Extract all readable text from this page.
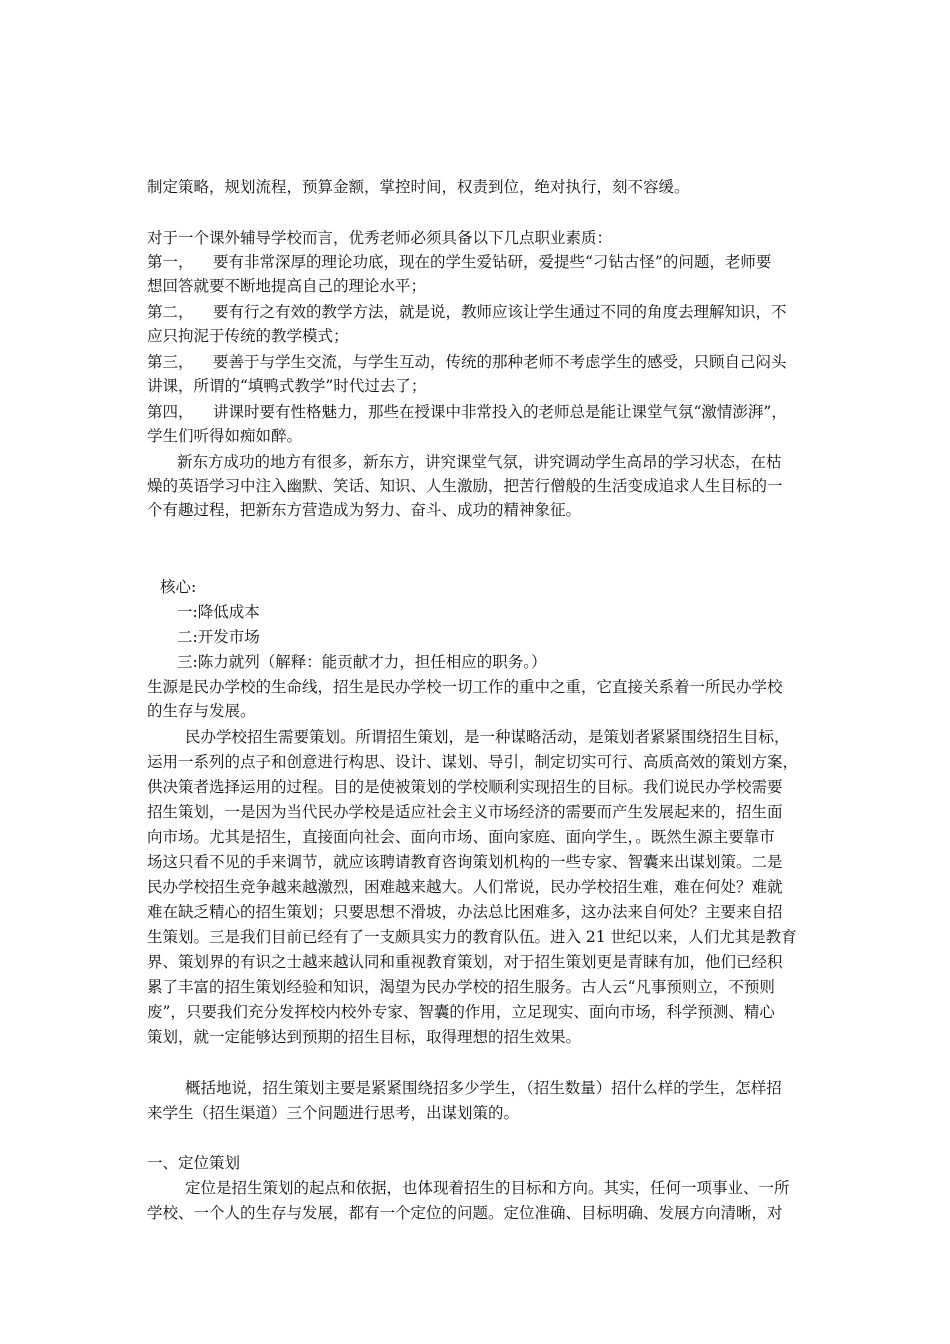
制定策略，规划流程，预算金额，掌控时间，权责到位，绝对执行，刻不容缓。
对于一个课外辅导学校而言，优秀老师必须具备以下几点职业素质：
第一， 要有非常深厚的理论功底，现在的学生爱钻研，爱提些“刁钻古怪”的问题，老师要
想回答就要不断地提高自己的理论水平；
第二， 要有行之有效的教学方法，就是说，教师应该让学生通过不同的角度去理解知识，不
应只拘泥于传统的教学模式；
第三， 要善于与学生交流，与学生互动，传统的那种老师不考虑学生的感受，只顾自己闷头
讲课，所谓的“填鸭式教学”时代过去了；
第四， 讲课时要有性格魅力，那些在授课中非常投入的老师总是能让课堂气氛“激情澎湃”，
学生们听得如痴如醉。
新东方成功的地方有很多，新东方，讲究课堂气氛，讲究调动学生高昂的学习状态，在枯
燥的英语学习中注入幽默、笑话、知识、人生激励，把苦行僧般的生活变成追求人生目标的一
个有趣过程，把新东方营造成为努力、奋斗、成功的精神象征。
核心:
一:降低成本
二:开发市场
三:陈力就列（解释：能贡献才力，担任相应的职务。）
生源是民办学校的生命线，招生是民办学校一切工作的重中之重，它直接关系着一所民办学校
的生存与发展。
民办学校招生需要策划。所谓招生策划，是一种谋略活动，是策划者紧紧围绕招生目标，
运用一系列的点子和创意进行构思、设计、谋划、导引，制定切实可行、高质高效的策划方案，
供决策者选择运用的过程。目的是使被策划的学校顺利实现招生的目标。我们说民办学校需要
招生策划，一是因为当代民办学校是适应社会主义市场经济的需要而产生发展起来的，招生面
向市场。尤其是招生，直接面向社会、面向市场、面向家庭、面向学生，。既然生源主要靠市
场这只看不见的手来调节，就应该聘请教育咨询策划机构的一些专家、智囊来出谋划策。二是
民办学校招生竞争越来越激烈，困难越来越大。人们常说，民办学校招生难，难在何处？难就
难在缺乏精心的招生策划；只要思想不滑坡，办法总比困难多，这办法来自何处？主要来自招
生策划。三是我们目前已经有了一支颇具实力的教育队伍。进入 21 世纪以来，人们尤其是教育
界、策划界的有识之士越来越认同和重视教育策划，对于招生策划更是青睐有加，他们已经积
累了丰富的招生策划经验和知识，渴望为民办学校的招生服务。古人云“凡事预则立，不预则
废”，只要我们充分发挥校内校外专家、智囊的作用，立足现实、面向市场，科学预测、精心
策划，就一定能够达到预期的招生目标，取得理想的招生效果。
概括地说，招生策划主要是紧紧围绕招多少学生，（招生数量）招什么样的学生，怎样招
来学生（招生渠道）三个问题进行思考，出谋划策的。
一、定位策划
定位是招生策划的起点和依据，也体现着招生的目标和方向。其实，任何一项事业、一所
学校、一个人的生存与发展，都有一个定位的问题。定位准确、目标明确、发展方向清晰，对
